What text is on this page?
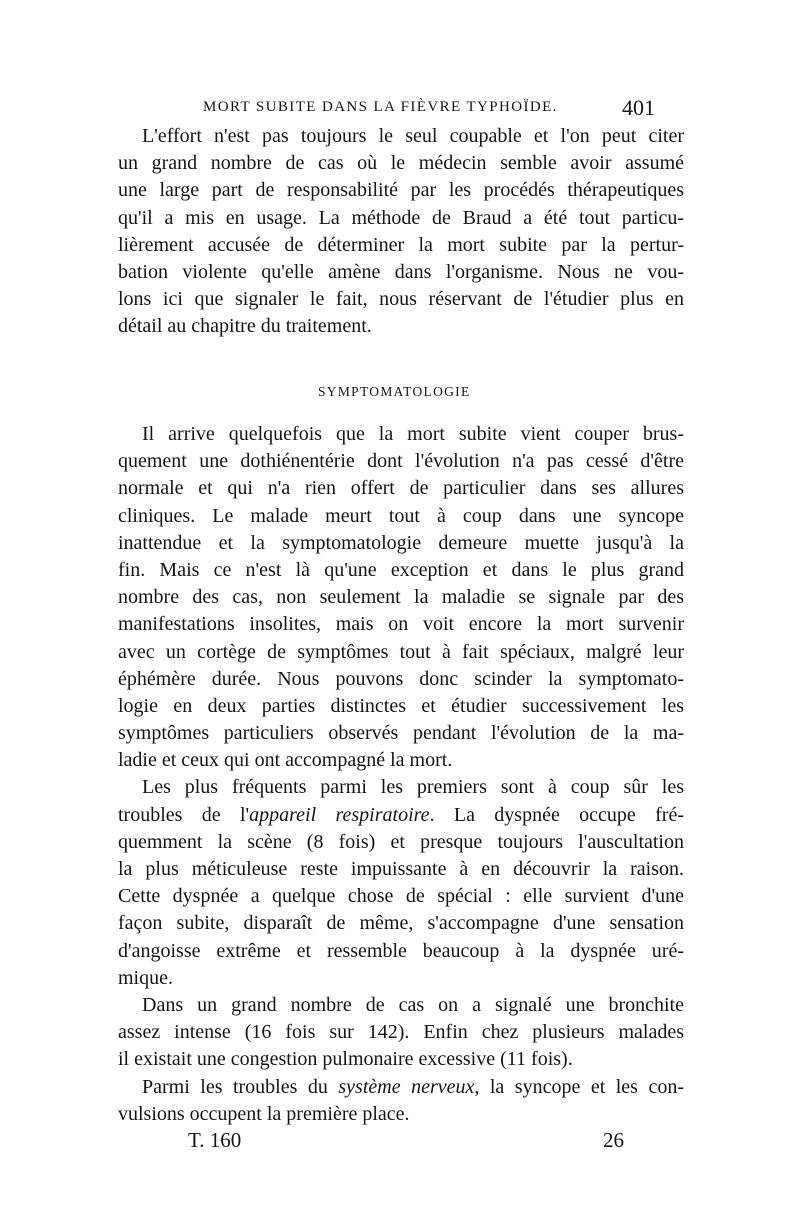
MORT SUBITE DANS LA FIÈVRE TYPHOÏDE.	401
L'effort n'est pas toujours le seul coupable et l'on peut citer
un grand nombre de cas où le médecin semble avoir assumé
une large part de responsabilité par les procédés thérapeutiques
qu'il a mis en usage. La méthode de Braud a été tout particu-
lièrement accusée de déterminer la mort subite par la pertur-
bation violente qu'elle amène dans l'organisme. Nous ne vou-
lons ici que signaler le fait, nous réservant de l'étudier plus en
détail au chapitre du traitement.
SYMPTOMATOLOGIE
Il arrive quelquefois que la mort subite vient couper brus-
quement une dothiénentérie dont l'évolution n'a pas cessé d'être
normale et qui n'a rien offert de particulier dans ses allures
cliniques. Le malade meurt tout à coup dans une syncope
inattendue et la symptomatologie demeure muette jusqu'à la
fin. Mais ce n'est là qu'une exception et dans le plus grand
nombre des cas, non seulement la maladie se signale par des
manifestations insolites, mais on voit encore la mort survenir
avec un cortège de symptômes tout à fait spéciaux, malgré leur
éphémère durée. Nous pouvons donc scinder la symptomato-
logie en deux parties distinctes et étudier successivement les
symptômes particuliers observés pendant l'évolution de la ma-
ladie et ceux qui ont accompagné la mort.
Les plus fréquents parmi les premiers sont à coup sûr les
troubles de l'appareil respiratoire. La dyspnée occupe fré-
quemment la scène (8 fois) et presque toujours l'auscultation
la plus méticuleuse reste impuissante à en découvrir la raison.
Cette dyspnée a quelque chose de spécial : elle survient d'une
façon subite, disparaît de même, s'accompagne d'une sensation
d'angoisse extrême et ressemble beaucoup à la dyspnée uré-
mique.
Dans un grand nombre de cas on a signalé une bronchite
assez intense (16 fois sur 142). Enfin chez plusieurs malades
il existait une congestion pulmonaire excessive (11 fois).
Parmi les troubles du système nerveux, la syncope et les con-
vulsions occupent la première place.
T. 160	26
